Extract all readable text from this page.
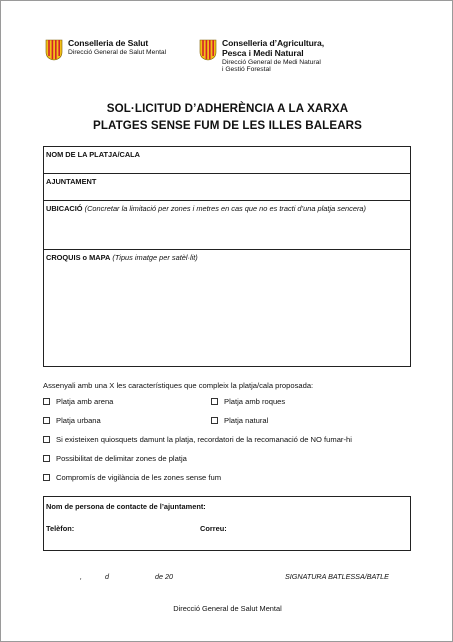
Conselleria de Salut
Direcció General de Salut Mental
Conselleria d’Agricultura,
Pesca i Medi Natural
Direcció General de Medi Natural
i Gestió Forestal
SOL·LICITUD D’ADHERÈNCIA A LA XARXA
PLATGES SENSE FUM DE LES ILLES BALEARS
NOM DE LA PLATJA/CALA
AJUNTAMENT
UBICACIÓ (Concretar la limitació per zones i metres en cas que no es tracti d’una platja sencera)
CROQUIS o MAPA (Tipus imatge per satèl·lit)
Assenyali amb una X les característiques que compleix la platja/cala proposada:
Platja amb arena	Platja amb roques
Platja urbana	Platja natural
Si existeixen quiosquets damunt la platja, recordatori de la recomanació de NO fumar-hi
Possibilitat de delimitar zones de platja
Compromís de vigilància de les zones sense fum
Nom de persona de contacte de l’ajuntament:
Telèfon:	Correu:
,	d	de 20	SIGNATURA BATLESSA/BATLE
Direcció General de Salut Mental
